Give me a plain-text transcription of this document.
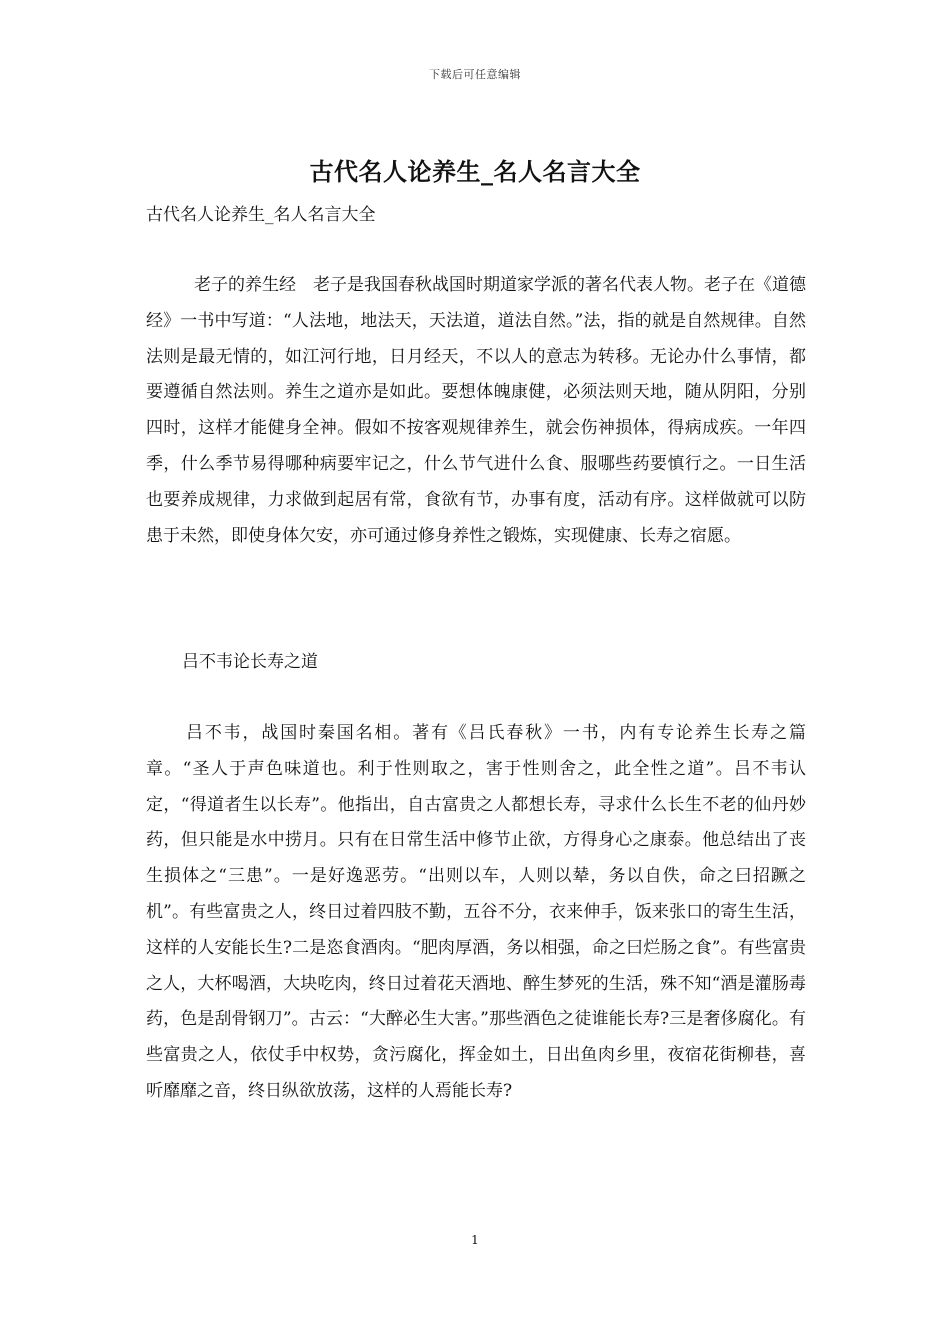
下载后可任意编辑
古代名人论养生_名人名言大全
古代名人论养生_名人名言大全

老子的养生经　老子是我国春秋战国时期道家学派的著名代表人物。老子在《道德经》一书中写道：“人法地，地法天，天法道，道法自然。”法，指的就是自然规律。自然法则是最无情的，如江河行地，日月经天，不以人的意志为转移。无论办什么事情，都要遵循自然法则。养生之道亦是如此。要想体魄康健，必须法则天地，随从阴阳，分别四时，这样才能健身全神。假如不按客观规律养生，就会伤神损体，得病成疾。一年四季，什么季节易得哪种病要牢记之，什么节气进什么食、服哪些药要慎行之。一日生活也要养成规律，力求做到起居有常，食欲有节，办事有度，活动有序。这样做就可以防患于未然，即使身体欠安，亦可通过修身养性之锻炼，实现健康、长寿之宿愿。

吕不韦论长寿之道

吕不韦，战国时秦国名相。著有《吕氏春秋》一书，内有专论养生长寿之篇章。“圣人于声色味道也。利于性则取之，害于性则舍之，此全性之道”。吕不韦认定，“得道者生以长寿”。他指出，自古富贵之人都想长寿，寻求什么长生不老的仙丹妙药，但只能是水中捞月。只有在日常生活中修节止欲，方得身心之康泰。他总结出了丧生损体之“三患”。一是好逸恶劳。“出则以车，人则以辇，务以自佚，命之曰招蹶之机”。有些富贵之人，终日过着四肢不勤，五谷不分，衣来伸手，饭来张口的寄生生活，这样的人安能长生?二是恣食酒肉。“肥肉厚酒，务以相强，命之曰烂肠之食”。有些富贵之人，大杯喝酒，大块吃肉，终日过着花天酒地、醉生梦死的生活，殊不知“酒是灌肠毒药，色是刮骨钢刀”。古云：“大醉必生大害。”那些酒色之徒谁能长寿?三是奢侈腐化。有些富贵之人，依仗手中权势，贪污腐化，挥金如土，日出鱼肉乡里，夜宿花街柳巷，喜听靡靡之音，终日纵欲放荡，这样的人焉能长寿?

1
